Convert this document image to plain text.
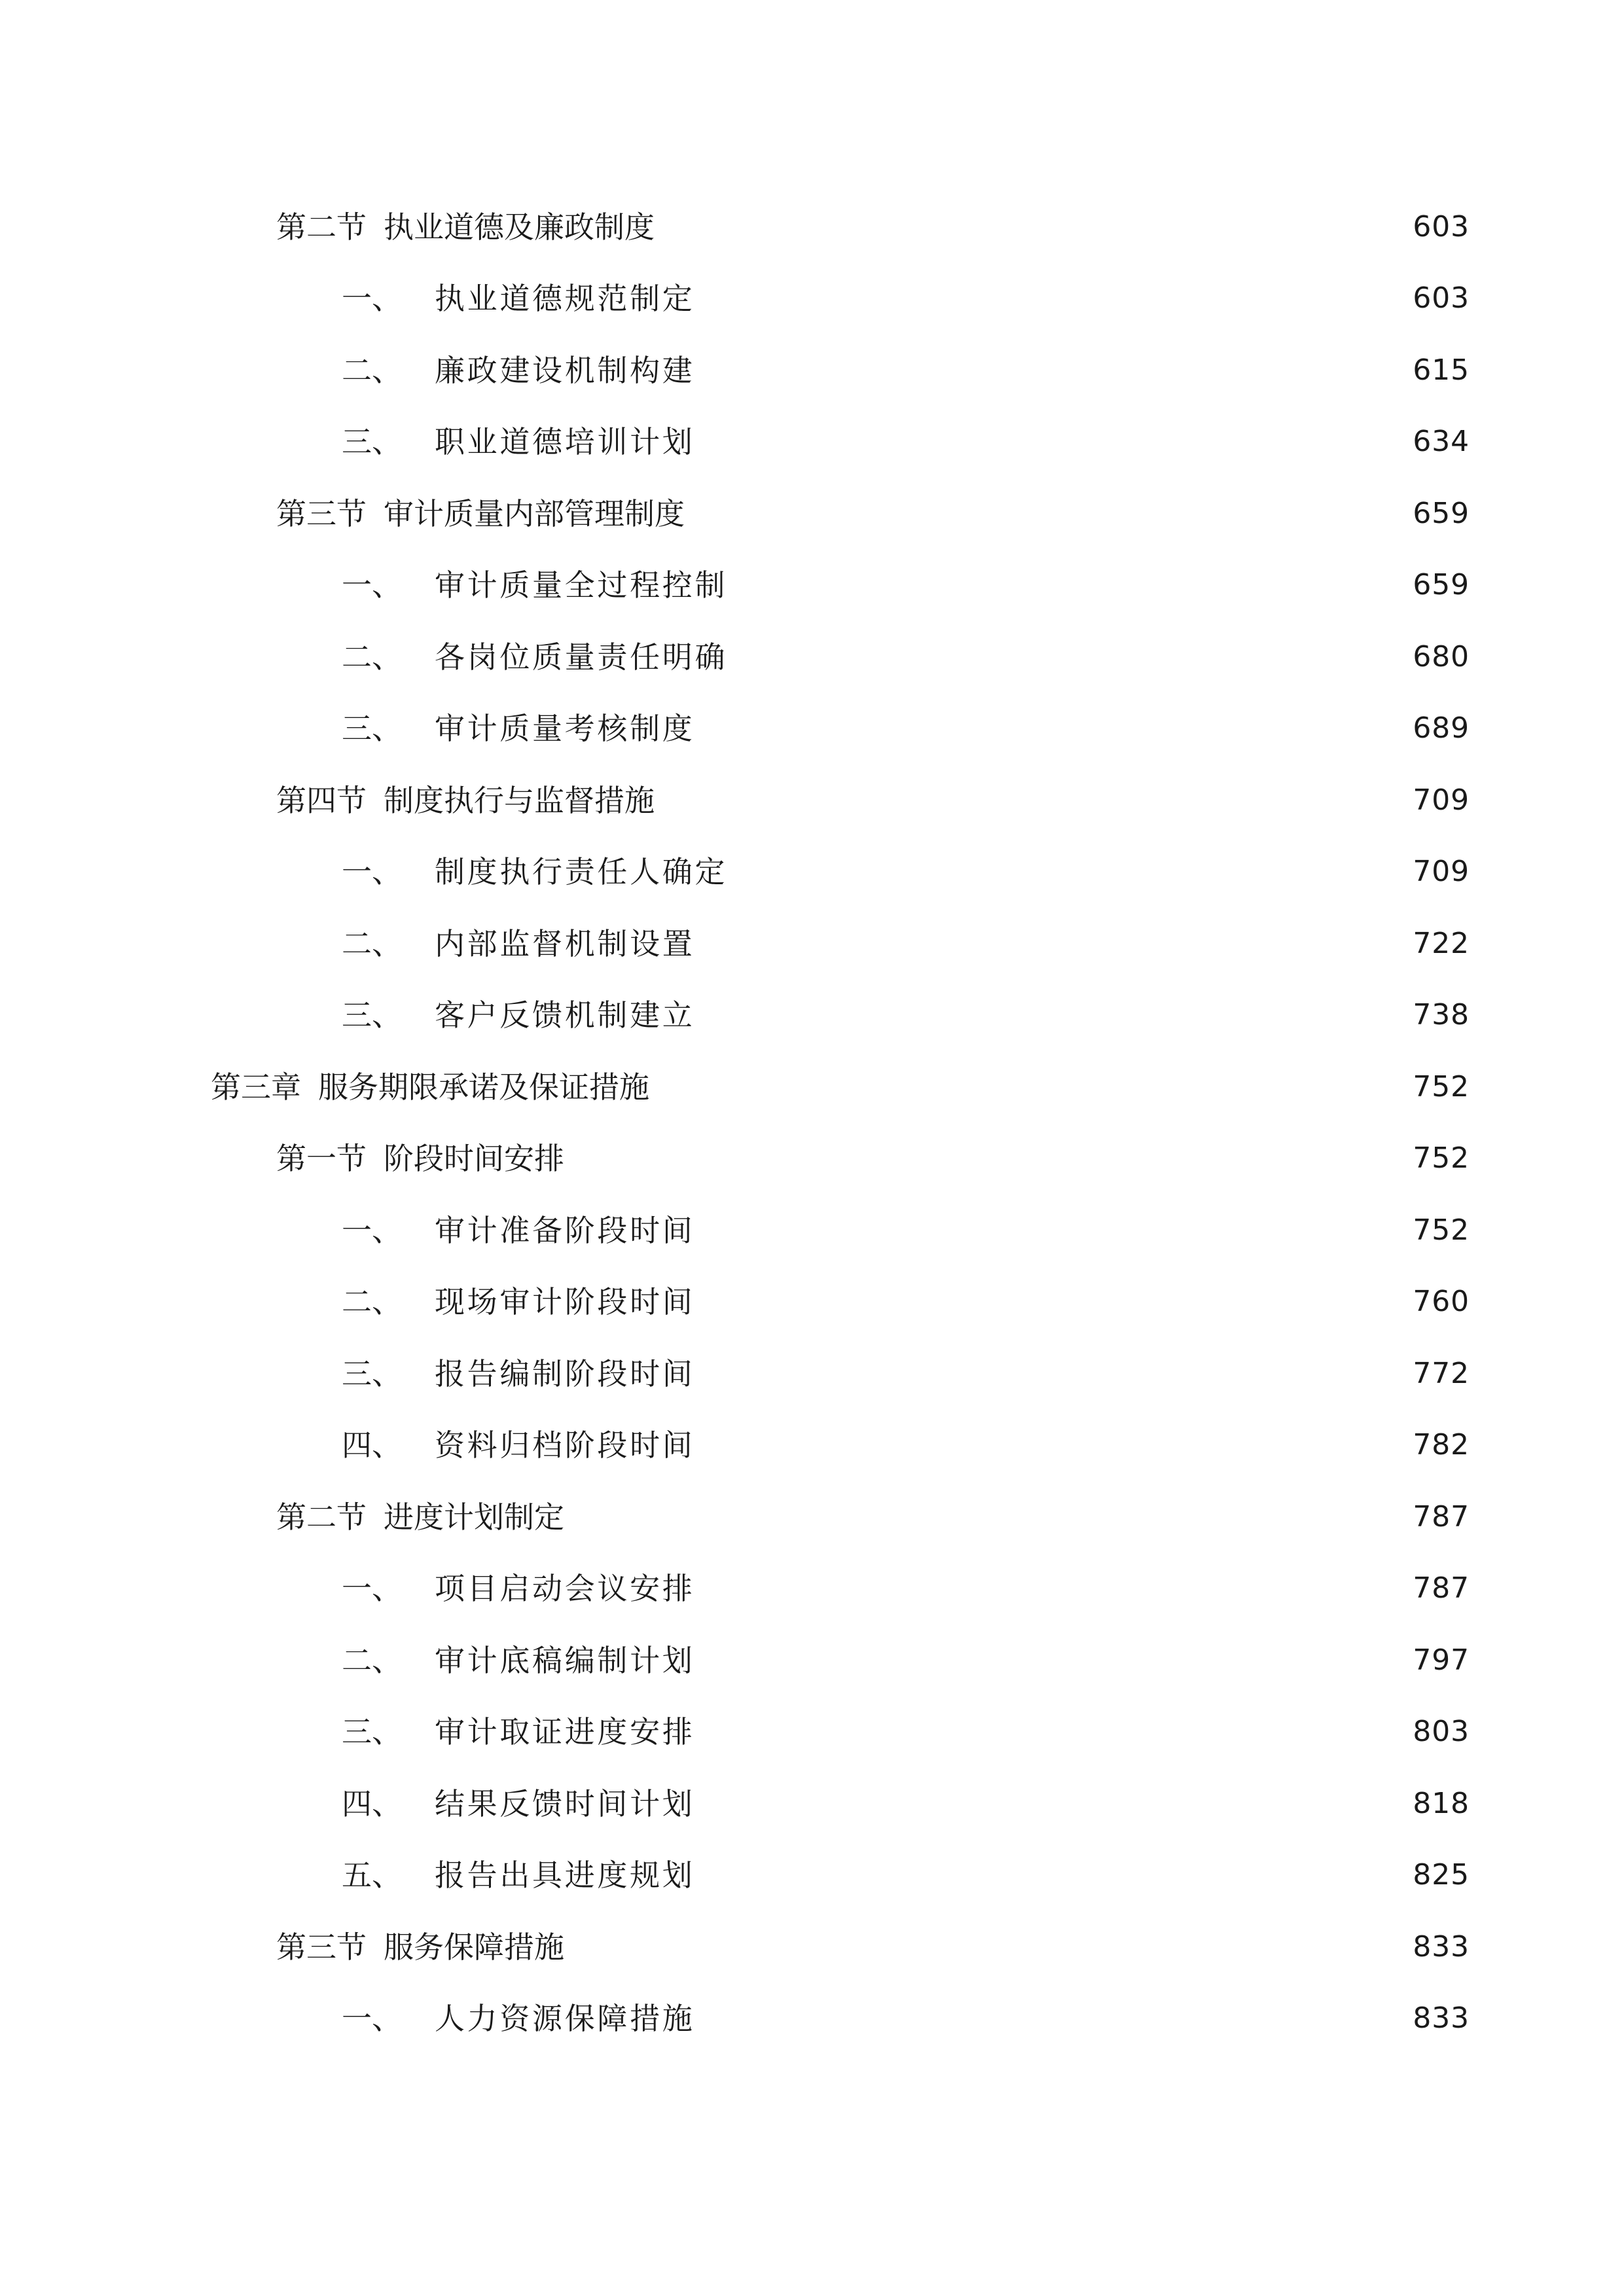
第二节 执业道德及廉政制度	603
一、 执业道德规范制定	603
二、 廉政建设机制构建	615
三、 职业道德培训计划	634
第三节 审计质量内部管理制度	659
一、 审计质量全过程控制	659
二、 各岗位质量责任明确	680
三、 审计质量考核制度	689
第四节 制度执行与监督措施	709
一、 制度执行责任人确定	709
二、 内部监督机制设置	722
三、 客户反馈机制建立	738
第三章 服务期限承诺及保证措施	752
第一节 阶段时间安排	752
一、 审计准备阶段时间	752
二、 现场审计阶段时间	760
三、 报告编制阶段时间	772
四、 资料归档阶段时间	782
第二节 进度计划制定	787
一、 项目启动会议安排	787
二、 审计底稿编制计划	797
三、 审计取证进度安排	803
四、 结果反馈时间计划	818
五、 报告出具进度规划	825
第三节 服务保障措施	833
一、 人力资源保障措施	833
